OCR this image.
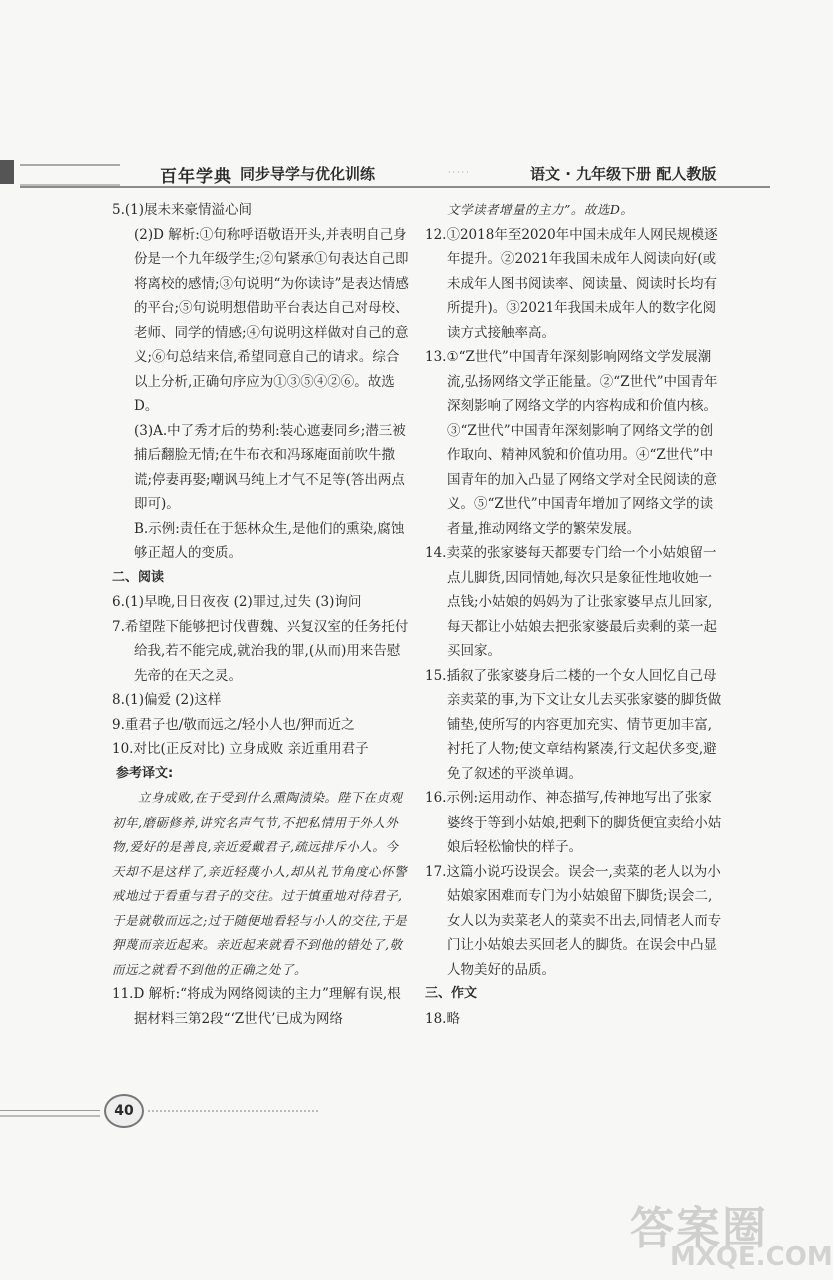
百年学典 同步导学与优化训练	·····	语文 · 九年级下册 配人教版

5.(1)展未来豪情溢心间

(2)D 解析:①句称呼语敬语开头,并表明自己身份是一个九年级学生;②句紧承①句表达自己即将离校的感情;③句说明“为你读诗”是表达情感的平台;⑤句说明想借助平台表达自己对母校、老师、同学的情感;④句说明这样做对自己的意义;⑥句总结来信,希望同意自己的请求。综合以上分析,正确句序应为①③⑤④②⑥。故选D。

(3)A.中了秀才后的势利:装心遮妻同乡;潜三被捕后翻脸无情;在牛布衣和冯琢庵面前吹牛撒谎;停妻再娶;嘲讽马纯上才气不足等(答出两点即可)。

B.示例:责任在于惩林众生,是他们的熏染,腐蚀够正超人的变质。

二、阅读

6.(1)早晚,日日夜夜 (2)罪过,过失 (3)询问

7.希望陛下能够把讨伐曹魏、兴复汉室的任务托付给我,若不能完成,就治我的罪,(从而)用来告慰先帝的在天之灵。

8.(1)偏爱 (2)这样

9.重君子也/敬而远之/轻小人也/狎而近之

10.对比(正反对比) 立身成败 亲近重用君子

参考译文:

立身成败,在于受到什么熏陶渍染。陛下在贞观初年,磨砺修养,讲究名声气节,不把私情用于外人外物,爱好的是善良,亲近爱戴君子,疏远排斥小人。今天却不是这样了,亲近轻蔑小人,却从礼节角度心怀警戒地过于看重与君子的交往。过于慎重地对待君子,于是就敬而远之;过于随便地看轻与小人的交往,于是狎蔑而亲近起来。亲近起来就看不到他的错处了,敬而远之就看不到他的正确之处了。

11.D 解析:“将成为网络阅读的主力”理解有误,根据材料三第2段“‘Z世代’已成为网络

文学读者增量的主力”。故选D。

12.①2018年至2020年中国未成年人网民规模逐年提升。②2021年我国未成年人阅读向好(或未成年人图书阅读率、阅读量、阅读时长均有所提升)。③2021年我国未成年人的数字化阅读方式接触率高。

13.①“Z世代”中国青年深刻影响网络文学发展潮流,弘扬网络文学正能量。②“Z世代”中国青年深刻影响了网络文学的内容构成和价值内核。③“Z世代”中国青年深刻影响了网络文学的创作取向、精神风貌和价值功用。④“Z世代”中国青年的加入凸显了网络文学对全民阅读的意义。⑤“Z世代”中国青年增加了网络文学的读者量,推动网络文学的繁荣发展。

14.卖菜的张家婆每天都要专门给一个小姑娘留一点儿脚货,因同情她,每次只是象征性地收她一点钱;小姑娘的妈妈为了让张家婆早点儿回家,每天都让小姑娘去把张家婆最后卖剩的菜一起买回家。

15.插叙了张家婆身后二楼的一个女人回忆自己母亲卖菜的事,为下文让女儿去买张家婆的脚货做铺垫,使所写的内容更加充实、情节更加丰富,衬托了人物;使文章结构紧凑,行文起伏多变,避免了叙述的平淡单调。

16.示例:运用动作、神态描写,传神地写出了张家婆终于等到小姑娘,把剩下的脚货便宜卖给小姑娘后轻松愉快的样子。

17.这篇小说巧设误会。误会一,卖菜的老人以为小姑娘家困难而专门为小姑娘留下脚货;误会二,女人以为卖菜老人的菜卖不出去,同情老人而专门让小姑娘去买回老人的脚货。在误会中凸显人物美好的品质。

三、作文

18.略

40
答案圈
MXQE.COM
